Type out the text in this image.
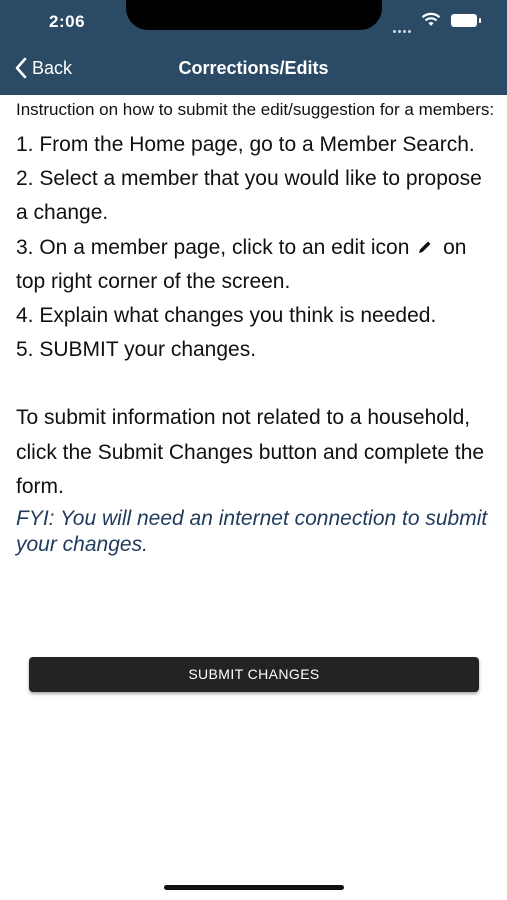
2:06
Back	Corrections/Edits

Instruction on how to submit the edit/suggestion for a members:

1. From the Home page, go to a Member Search.

2. Select a member that you would like to propose a change.

3. On a member page, click to an edit icon on top right corner of the screen.

4. Explain what changes you think is needed.

5. SUBMIT your changes.

To submit information not related to a household, click the Submit Changes button and complete the form.

FYI: You will need an internet connection to submit your changes.

SUBMIT CHANGES
